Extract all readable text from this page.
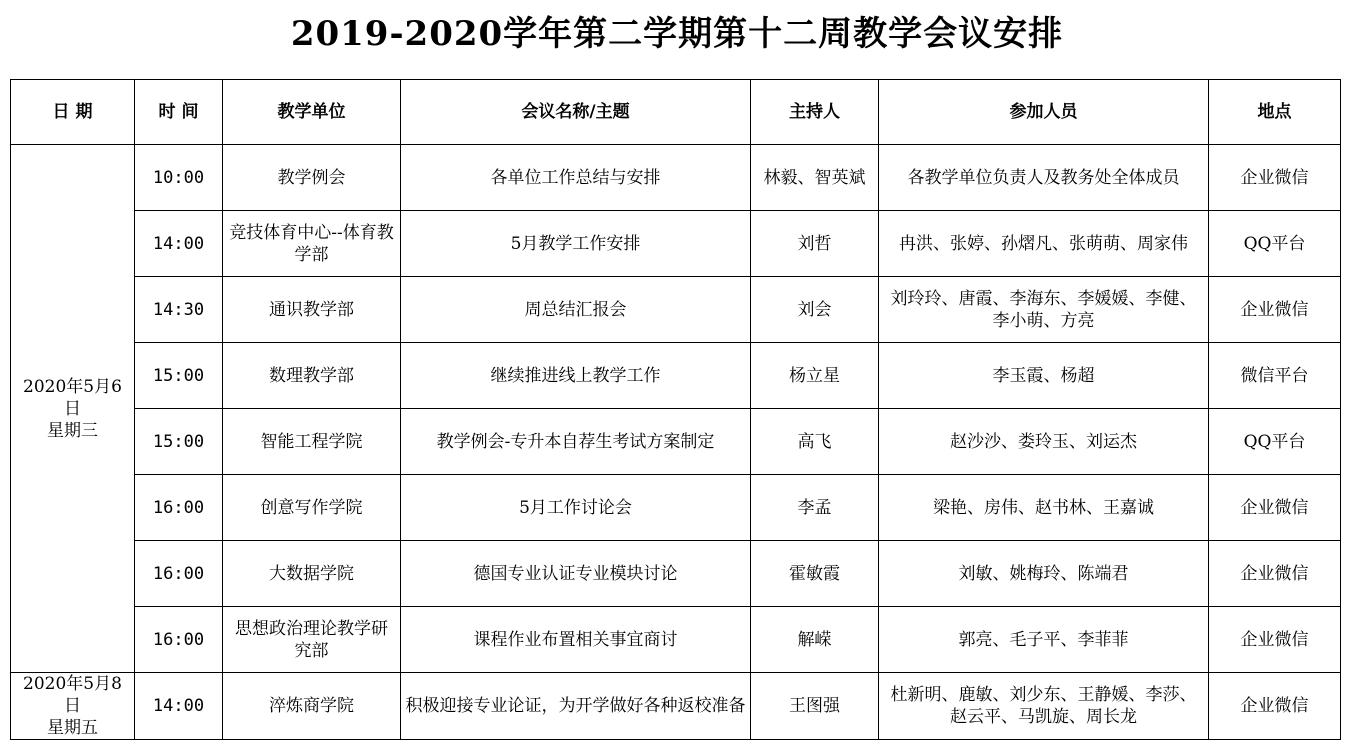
2019-2020学年第二学期第十二周教学会议安排
日 期	时 间	教学单位	会议名称/主题	主持人	参加人员	地点

2020年5月6日
星期三	10:00	教学例会	各单位工作总结与安排	林毅、智英斌	各教学单位负责人及教务处全体成员	企业微信
	14:00	竞技体育中心--体育教学部	5月教学工作安排	刘哲	冉洪、张婷、孙熠凡、张萌萌、周家伟	QQ平台
	14:30	通识教学部	周总结汇报会	刘会	刘玲玲、唐霞、李海东、李媛媛、李健、李小萌、方亮	企业微信
	15:00	数理教学部	继续推进线上教学工作	杨立星	李玉霞、杨超	微信平台
	15:00	智能工程学院	教学例会-专升本自荐生考试方案制定	高飞	赵沙沙、娄玲玉、刘运杰	QQ平台
	16:00	创意写作学院	5月工作讨论会	李孟	梁艳、房伟、赵书林、王嘉诚	企业微信
	16:00	大数据学院	德国专业认证专业模块讨论	霍敏霞	刘敏、姚梅玲、陈端君	企业微信
	16:00	思想政治理论教学研究部	课程作业布置相关事宜商讨	解嵘	郭亮、毛子平、李菲菲	企业微信

2020年5月8日
星期五	14:00	淬炼商学院	积极迎接专业论证，为开学做好各种返校准备	王图强	杜新明、鹿敏、刘少东、王静媛、李莎、赵云平、马凯旋、周长龙	企业微信
